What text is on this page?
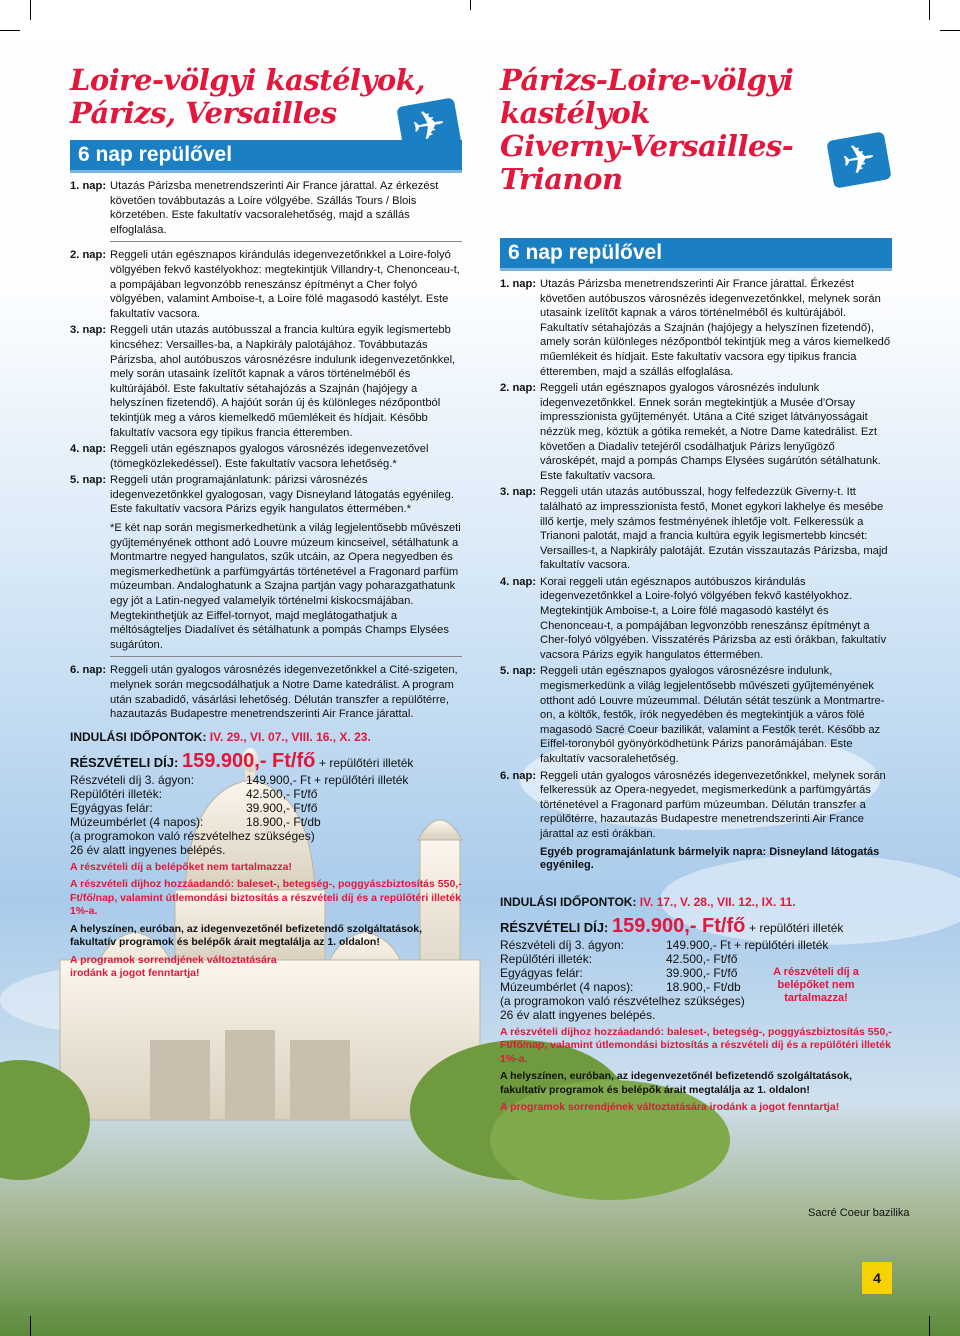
Loire-völgyi kastélyok,
Párizs, Versailles	✈
6 nap repülővel
1. nap: Utazás Párizsba menetrendszerinti Air France járattal. Az érkezést követően továbbutazás a Loire völgyébe. Szállás Tours / Blois körzetében. Este fakultatív vacsoralehetőség, majd a szállás elfoglalása.
2. nap: Reggeli után egésznapos kirándulás idegenvezetőnkkel a Loire-folyó völgyében fekvő kastélyokhoz: megtekintjük Villandry-t, Chenonceau-t, a pompájában legvonzóbb reneszánsz építményt a Cher folyó völgyében, valamint Amboise-t, a Loire fölé magasodó kastélyt. Este fakultatív vacsora.
3. nap: Reggeli után utazás autóbusszal a francia kultúra egyik legismertebb kincséhez: Versailles-ba, a Napkirály palotájához. Továbbutazás Párizsba, ahol autóbuszos városnézésre indulunk idegenvezetőnkkel, mely során utasaink ízelítőt kapnak a város történelméből és kultúrájából. Este fakultatív sétahajózás a Szajnán (hajójegy a helyszínen fizetendő). A hajóút során új és különleges nézőpontból tekintjük meg a város kiemelkedő műemlékeit és hídjait. Később fakultatív vacsora egy tipikus francia étteremben.
4. nap: Reggeli után egésznapos gyalogos városnézés idegenvezetővel (tömegközlekedéssel). Este fakultatív vacsora lehetőség.*
5. nap: Reggeli után programajánlatunk: párizsi városnézés idegenvezetőnkkel gyalogosan, vagy Disneyland látogatás egyénileg. Este fakultatív vacsora Párizs egyik hangulatos éttermében.*
*E két nap során megismerkedhetünk a világ legjelentősebb művészeti gyűjteményének otthont adó Louvre múzeum kincseivel, sétálhatunk a Montmartre negyed hangulatos, szűk utcáin, az Opera negyedben és megismerkedhetünk a parfümgyártás történetével a Fragonard parfüm múzeumban. Andaloghatunk a Szajna partján vagy poharazgathatunk egy jót a Latin-negyed valamelyik történelmi kiskocsmájában. Megtekinthetjük az Eiffel-tornyot, majd meglátogathatjuk a méltóságteljes Diadalívet és sétálhatunk a pompás Champs Elysées sugárúton.
6. nap: Reggeli után gyalogos városnézés idegenvezetőnkkel a Cité-szigeten, melynek során megcsodálhatjuk a Notre Dame katedrálist. A program után szabadidő, vásárlási lehetőség. Délután transzfer a repülőtérre, hazautazás Budapestre menetrendszerinti Air France járattal.
INDULÁSI IDŐPONTOK: IV. 29., VI. 07., VIII. 16., X. 23.

RÉSZVÉTELI DÍJ: 159.900,- Ft/fő + repülőtéri illeték

Részvételi díj 3. ágyon:	149.900,- Ft + repülőtéri illeték
Repülőtéri illeték:	42.500,- Ft/fő
Egyágyas felár:	39.900,- Ft/fő
Múzeumbérlet (4 napos):	18.900,- Ft/db

(a programokon való részvételhez szükséges)

26 év alatt ingyenes belépés.

A részvételi díj a belépőket nem tartalmazza!

A részvételi díjhoz hozzáadandó: baleset-, betegség-, poggyászbiztosítás 550,-Ft/fő/nap, valamint útlemondási biztosítás a részvételi díj és a repülőtéri illeték 1%-a.

A helyszínen, euróban, az idegenvezetőnél befizetendő szolgáltatások, fakultatív programok és belépők árait megtalálja az 1. oldalon!

A programok sorrendjének változtatására irodánk a jogot fenntartja!

Párizs-Loire-völgyi kastélyok
Giverny-Versailles-Trianon	✈
6 nap repülővel
1. nap: Utazás Párizsba menetrendszerinti Air France járattal. Érkezést követően autóbuszos városnézés idegenvezetőnkkel, melynek során utasaink ízelítőt kapnak a város történelméből és kultúrájából. Fakultatív sétahajózás a Szajnán (hajójegy a helyszínen fizetendő), amely során különleges nézőpontból tekintjük meg a város kiemelkedő műemlékeit és hídjait. Este fakultatív vacsora egy tipikus francia étteremben, majd a szállás elfoglalása.
2. nap: Reggeli után egésznapos gyalogos városnézés indulunk idegenvezetőnkkel. Ennek során megtekintjük a Musée d'Orsay impresszionista gyűjteményét. Utána a Cité sziget látványosságait nézzük meg, köztük a gótika remekét, a Notre Dame katedrálist. Ezt követően a Diadalív tetejéről csodálhatjuk Párizs lenyűgöző városképét, majd a pompás Champs Elysées sugárútón sétálhatunk. Este fakultatív vacsora.
3. nap: Reggeli után utazás autóbusszal, hogy felfedezzük Giverny-t. Itt található az impresszionista festő, Monet egykori lakhelye és mesébe illő kertje, mely számos festményének ihletője volt. Felkeressük a Trianoni palotát, majd a francia kultúra egyik legismertebb kincsét: Versailles-t, a Napkirály palotáját. Ezután visszautazás Párizsba, majd fakultatív vacsora.
4. nap: Korai reggeli után egésznapos autóbuszos kirándulás idegenvezetőnkkel a Loire-folyó völgyében fekvő kastélyokhoz. Megtekintjük Amboise-t, a Loire fölé magasodó kastélyt és Chenonceau-t, a pompájában legvonzóbb reneszánsz építményt a Cher-folyó völgyében. Visszatérés Párizsba az esti órákban, fakultatív vacsora Párizs egyik hangulatos éttermében.
5. nap: Reggeli után egésznapos gyalogos városnézésre indulunk, megismerkedünk a világ legjelentősebb művészeti gyűjteményének otthont adó Louvre múzeummal. Délután sétát teszünk a Montmartre-on, a költők, festők, írók negyedében és megtekintjük a város fölé magasodó Sacré Coeur bazilikát, valamint a Festők terét. Később az Eiffel-toronyból gyönyörködhetünk Párizs panorámájában. Este fakultatív vacsoralehetőség.
6. nap: Reggeli után gyalogos városnézés idegenvezetőnkkel, melynek során felkeressük az Opera-negyedet, megismerkedünk a parfümgyártás történetével a Fragonard parfüm múzeumban. Délután transzfer a repülőtérre, hazautazás Budapestre menetrendszerinti Air France járattal az esti órákban.

Egyéb programajánlatunk bármelyik napra: Disneyland látogatás egyénileg.

INDULÁSI IDŐPONTOK: IV. 17., V. 28., VII. 12., IX. 11.

RÉSZVÉTELI DÍJ: 159.900,- Ft/fő + repülőtéri illeték

Részvételi díj 3. ágyon:	149.900,- Ft + repülőtéri illeték
Repülőtéri illeték:	42.500,- Ft/fő
Egyágyas felár:	39.900,- Ft/fő
Múzeumbérlet (4 napos):	18.900,- Ft/db
A részvételi díj a belépőket nem tartalmazza!

(a programokon való részvételhez szükséges)

26 év alatt ingyenes belépés.

A részvételi díjhoz hozzáadandó: baleset-, betegség-, poggyászbiztosítás 550,-Ft/fő/nap, valamint útlemondási biztosítás a részvételi díj és a repülőtéri illeték 1%-a.

A helyszínen, euróban, az idegenvezetőnél befizetendő szolgáltatások, fakultatív programok és belépők árait megtalálja az 1. oldalon!

A programok sorrendjének változtatására irodánk a jogot fenntartja!

Sacré Coeur bazilika
4
